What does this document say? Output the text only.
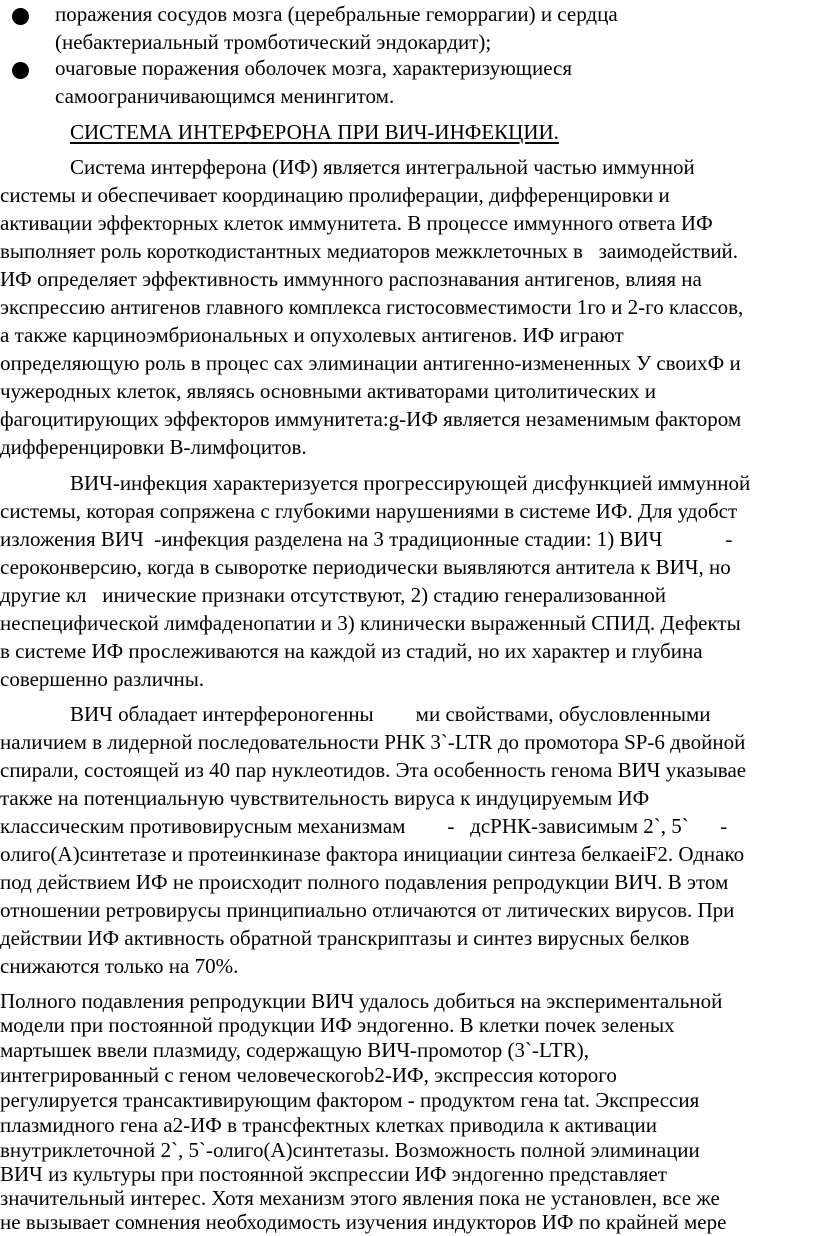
поражения сосудов мозга (церебральные геморрагии) и сердца
(небактериальный тромботический эндокардит);
очаговые поражения оболочек мозга, характеризующиеся
самоограничивающимся менингитом.
СИСТЕМА ИНТЕРФЕРОНА ПРИ ВИЧ-ИНФЕКЦИИ.
Система интерферона (ИФ) является интегральной частью иммунной
системы и обеспечивает координацию пролиферации, дифференцировки и
активации эффекторных клеток иммунитета. В процессе иммунного ответа ИФ
выполняет роль короткодистантных медиаторов межклеточных в   заимодействий.
ИФ определяет эффективность иммунного распознавания антигенов, влияя на
экспрессию антигенов главного комплекса гистосовместимости 1го и 2-го классов,
а также карциноэмбриональных и опухолевых антигенов. ИФ играют
определяющую роль в процес сах элиминации антигенно-измененных У своихФ и
чужеродных клеток, являясь основными активаторами цитолитических и
фагоцитирующих эффекторов иммунитета:g-ИФ является незаменимым фактором
дифференцировки В-лимфоцитов.
ВИЧ-инфекция характеризуется прогрессирующей дисфункцией иммунной
системы, которая сопряжена с глубокими нарушениями в системе ИФ. Для удобст
изложения ВИЧ  -инфекция разделена на 3 традиционные стадии: 1) ВИЧ            -
сероконверсию, когда в сыворотке периодически выявляются антитела к ВИЧ, но
другие кл   инические признаки отсутствуют, 2) стадию генерализованной
неспецифической лимфаденопатии и 3) клинически выраженный СПИД. Дефекты
в системе ИФ прослеживаются на каждой из стадий, но их характер и глубина
совершенно различны.
ВИЧ обладает интерфероногенны        ми свойствами, обусловленными
наличием в лидерной последовательности РНК 3`-LTR до промотора SP-6 двойной
спирали, состоящей из 40 пар нуклеотидов. Эта особенность генома ВИЧ указывае
также на потенциальную чувствительность вируса к индуцируемым ИФ
классическим противовирусным механизмам        -   дсРНК-зависимым 2`, 5`      -
олиго(А)синтетазе и протеинкиназе фактора инициации синтеза белкаeiF2. Однако
под действием ИФ не происходит полного подавления репродукции ВИЧ. В этом
отношении ретровирусы принципиально отличаются от литических вирусов. При
действии ИФ активность обратной транскриптазы и синтез вирусных белков
снижаются только на 70%.
Полного подавления репродукции ВИЧ удалось добиться на экспериментальной
модели при постоянной продукции ИФ эндогенно. В клетки почек зеленых
мартышек ввели плазмиду, содержащую ВИЧ-промотор (3`-LTR),
интегрированный с геном человеческогоb2-ИФ, экспрессия которого
регулируется трансактивирующим фактором - продуктом гена tat. Экспрессия
плазмидного гена a2-ИФ в трансфектных клетках приводила к активации
внутриклеточной 2`, 5`-олиго(А)синтетазы. Возможность полной элиминации
ВИЧ из культуры при постоянной экспрессии ИФ эндогенно представляет
значительный интерес. Хотя механизм этого явления пока не установлен, все же
не вызывает сомнения необходимость изучения индукторов ИФ по крайней мере
